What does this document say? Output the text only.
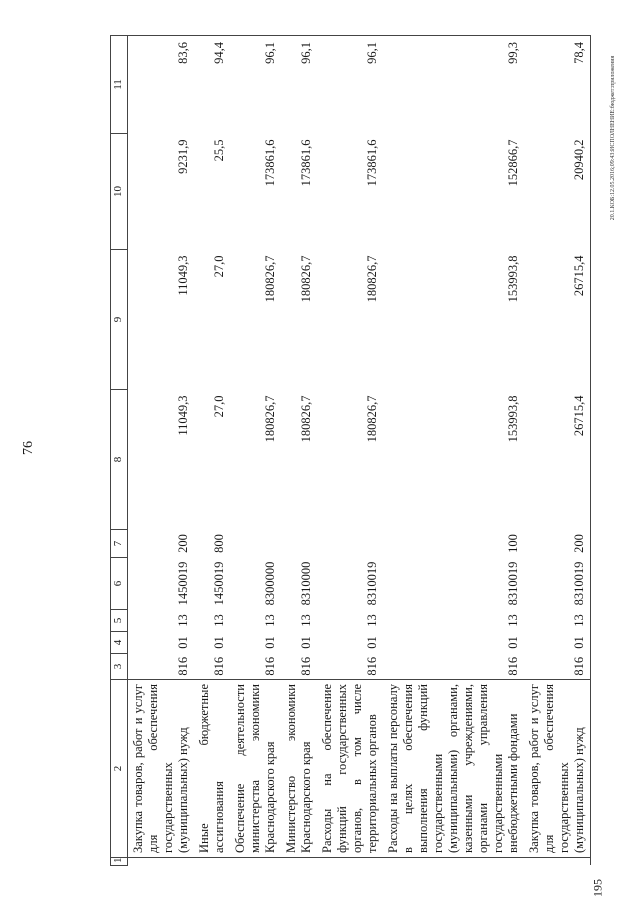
76
20.1.КОБ:12.05.2016;09:43:ИСПОЛНЕНИЕ:бюджет:приложения
195
1	2	3	4	5	6	7	8	9	10	11
	Закупка товаров, работ и услуг для обеспечения государственных (муниципальных) нужд	816	01	13	1450019	200	11049,3	11049,3	9231,9	83,6
	Иные бюджетные ассигнования	816	01	13	1450019	800	27,0	27,0	25,5	94,4
	Обеспечение деятельности министерства экономики Краснодарского края	816	01	13	8300000		180826,7	180826,7	173861,6	96,1
	Министерство экономики Краснодарского края	816	01	13	8310000		180826,7	180826,7	173861,6	96,1
	Расходы на обеспечение функций государственных органов, в том числе территориальных органов	816	01	13	8310019		180826,7	180826,7	173861,6	96,1
	Расходы на выплаты персоналу в целях обеспечения выполнения функций государственными (муниципальными) органами, казенными учреждениями, органами управления государственными внебюджетными фондами	816	01	13	8310019	100	153993,8	153993,8	152866,7	99,3
	Закупка товаров, работ и услуг для обеспечения государственных (муниципальных) нужд	816	01	13	8310019	200	26715,4	26715,4	20940,2	78,4
